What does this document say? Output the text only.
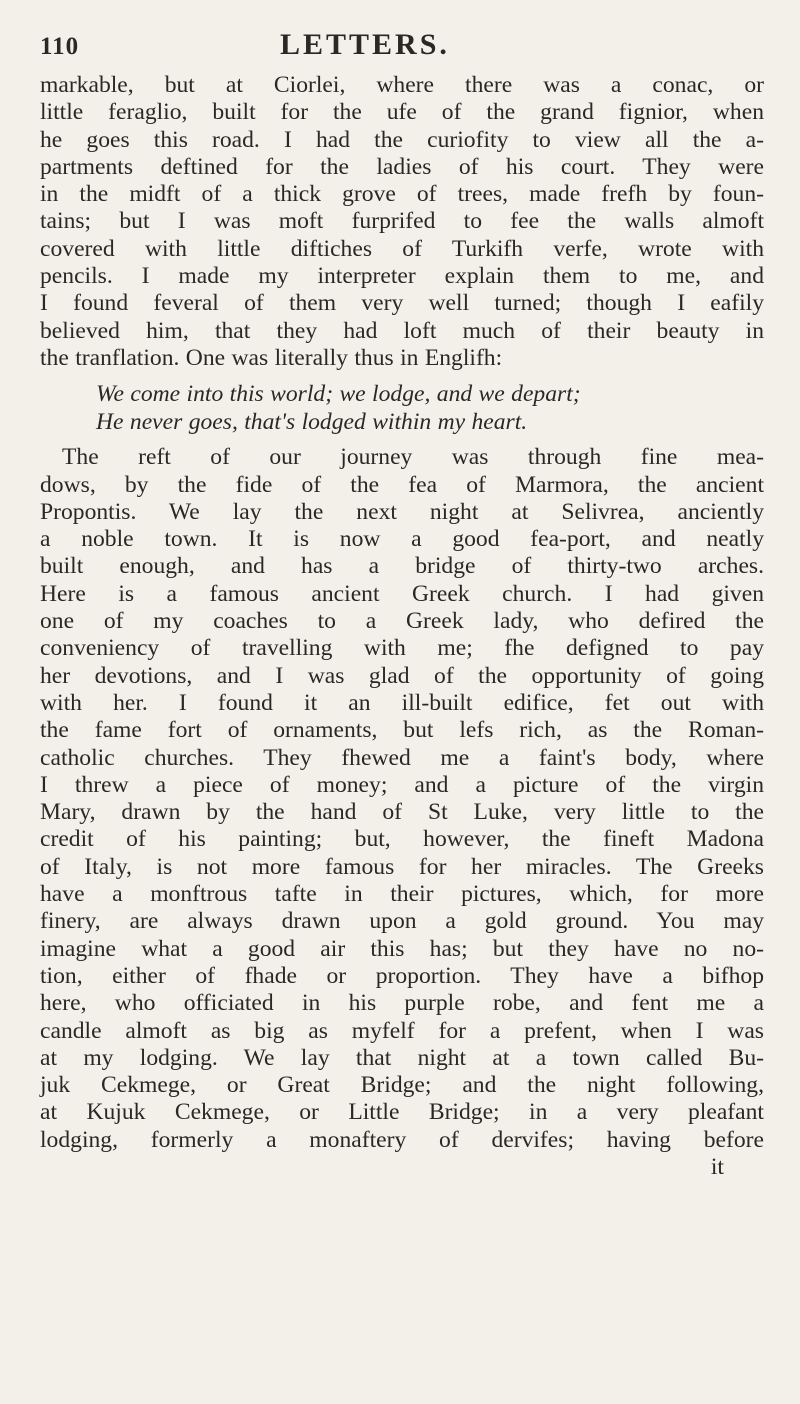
110	LETTERS.

markable, but at Ciorlei, where there was a conac, or
little feraglio, built for the ufe of the grand fignior, when
he goes this road. I had the curiofity to view all the a-
partments deftined for the ladies of his court. They were
in the midft of a thick grove of trees, made frefh by foun-
tains; but I was moft furprifed to fee the walls almoft
covered with little diftiches of Turkifh verfe, wrote with
pencils. I made my interpreter explain them to me, and
I found feveral of them very well turned; though I eafily
believed him, that they had loft much of their beauty in
the tranflation. One was literally thus in Englifh:

We come into this world; we lodge, and we depart;
He never goes, that's lodged within my heart.

The reft of our journey was through fine mea-
dows, by the fide of the fea of Marmora, the ancient
Propontis. We lay the next night at Selivrea, anciently
a noble town. It is now a good fea-port, and neatly
built enough, and has a bridge of thirty-two arches.
Here is a famous ancient Greek church. I had given
one of my coaches to a Greek lady, who defired the
conveniency of travelling with me; fhe defigned to pay
her devotions, and I was glad of the opportunity of going
with her. I found it an ill-built edifice, fet out with
the fame fort of ornaments, but lefs rich, as the Roman-
catholic churches. They fhewed me a faint's body, where
I threw a piece of money; and a picture of the virgin
Mary, drawn by the hand of St Luke, very little to the
credit of his painting; but, however, the fineft Madona
of Italy, is not more famous for her miracles. The Greeks
have a monftrous tafte in their pictures, which, for more
finery, are always drawn upon a gold ground. You may
imagine what a good air this has; but they have no no-
tion, either of fhade or proportion. They have a bifhop
here, who officiated in his purple robe, and fent me a
candle almoft as big as myfelf for a prefent, when I was
at my lodging. We lay that night at a town called Bu-
juk Cekmege, or Great Bridge; and the night following,
at Kujuk Cekmege, or Little Bridge; in a very pleafant
lodging, formerly a monaftery of dervifes; having before

it
